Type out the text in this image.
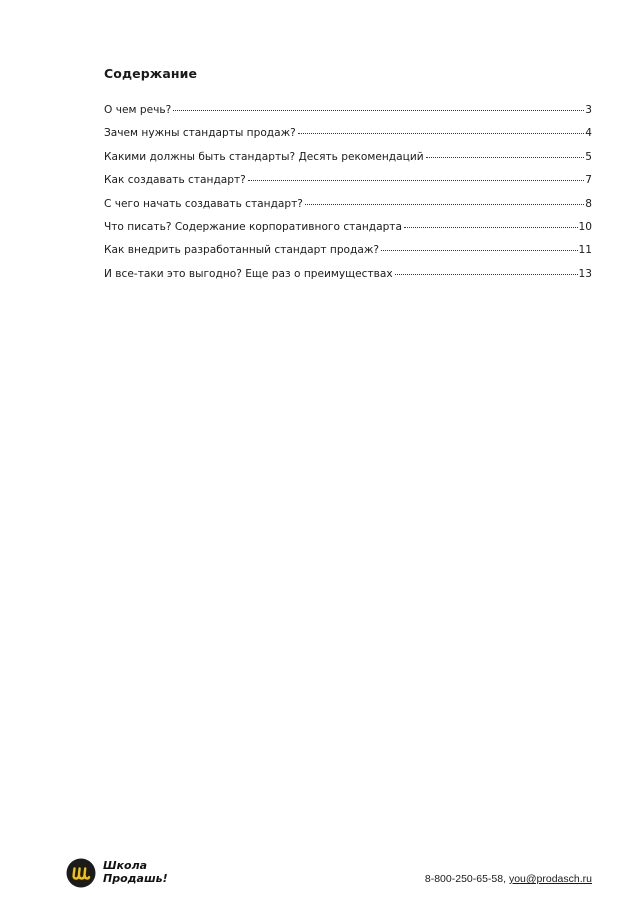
Содержание
О чем речь?	3
Зачем нужны стандарты продаж?	4
Какими должны быть стандарты? Десять рекомендаций	5
Как создавать стандарт?	7
С чего начать создавать стандарт?	8
Что писать? Содержание корпоративного стандарта	10
Как внедрить разработанный стандарт продаж?	11
И все-таки это выгодно? Еще раз о преимуществах	13
Школа
Продашь!	8-800-250-65-58, you@prodasch.ru
